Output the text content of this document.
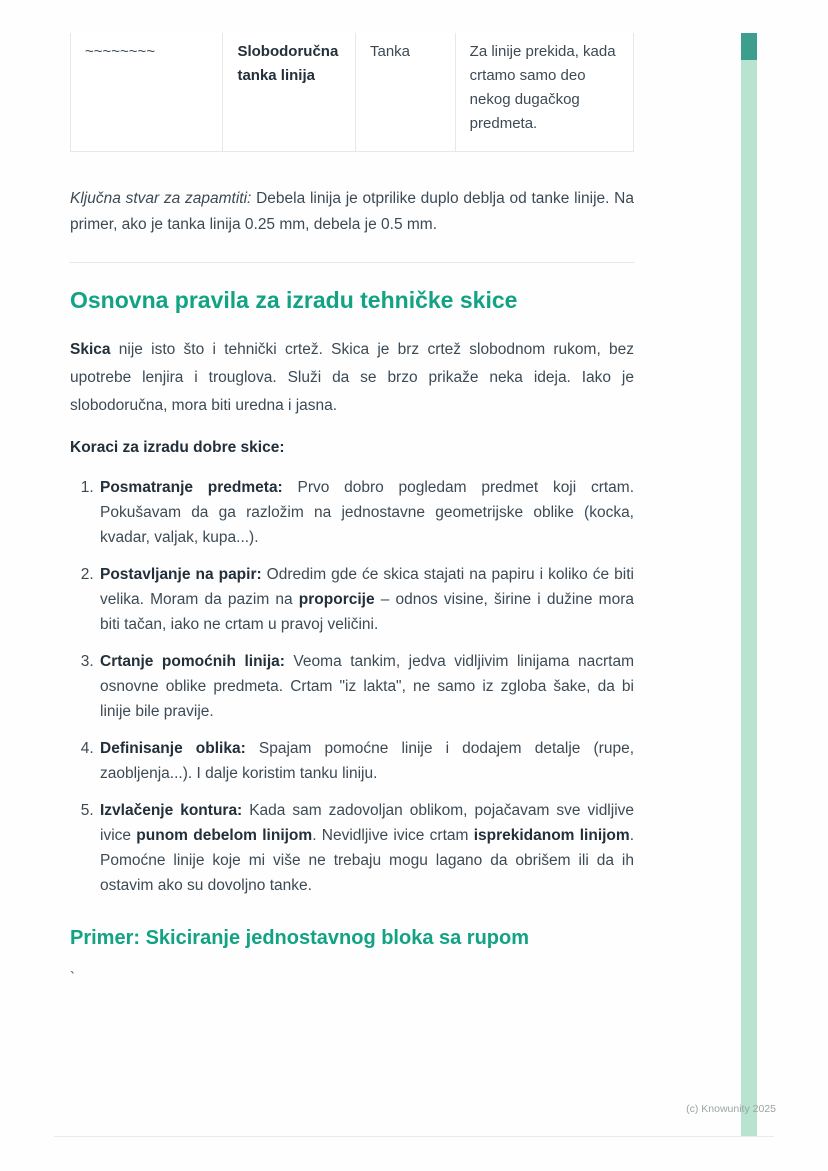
~~~~~~~~	Slobodoručna tanka linija
Tanka	Za linije prekida, kada crtamo samo deo nekog dugačkog predmeta.

Ključna stvar za zapamtiti: Debela linija je otprilike duplo deblja od tanke linije. Na primer, ako je tanka linija 0.25 mm, debela je 0.5 mm.

Osnovna pravila za izradu tehničke skice

Skica nije isto što i tehnički crtež. Skica je brz crtež slobodnom rukom, bez upotrebe lenjira i trouglova. Služi da se brzo prikaže neka ideja. Iako je slobodoručna, mora biti uredna i jasna.

Koraci za izradu dobre skice:

1. Posmatranje predmeta: Prvo dobro pogledam predmet koji crtam. Pokušavam da ga razložim na jednostavne geometrijske oblike (kocka, kvadar, valjak, kupa...).
2. Postavljanje na papir: Odredim gde će skica stajati na papiru i koliko će biti velika. Moram da pazim na proporcije – odnos visine, širine i dužine mora biti tačan, iako ne crtam u pravoj veličini.
3. Crtanje pomoćnih linija: Veoma tankim, jedva vidljivim linijama nacrtam osnovne oblike predmeta. Crtam "iz lakta", ne samo iz zgloba šake, da bi linije bile pravije.
4. Definisanje oblika: Spajam pomoćne linije i dodajem detalje (rupe, zaobljenja...). I dalje koristim tanku liniju.
5. Izvlačenje kontura: Kada sam zadovoljan oblikom, pojačavam sve vidljive ivice punom debelom linijom. Nevidljive ivice crtam isprekidanom linijom. Pomoćne linije koje mi više ne trebaju mogu lagano da obrišem ili da ih ostavim ako su dovoljno tanke.
Primer: Skiciranje jednostavnog bloka sa rupom
`
(c) Knowunity 2025
